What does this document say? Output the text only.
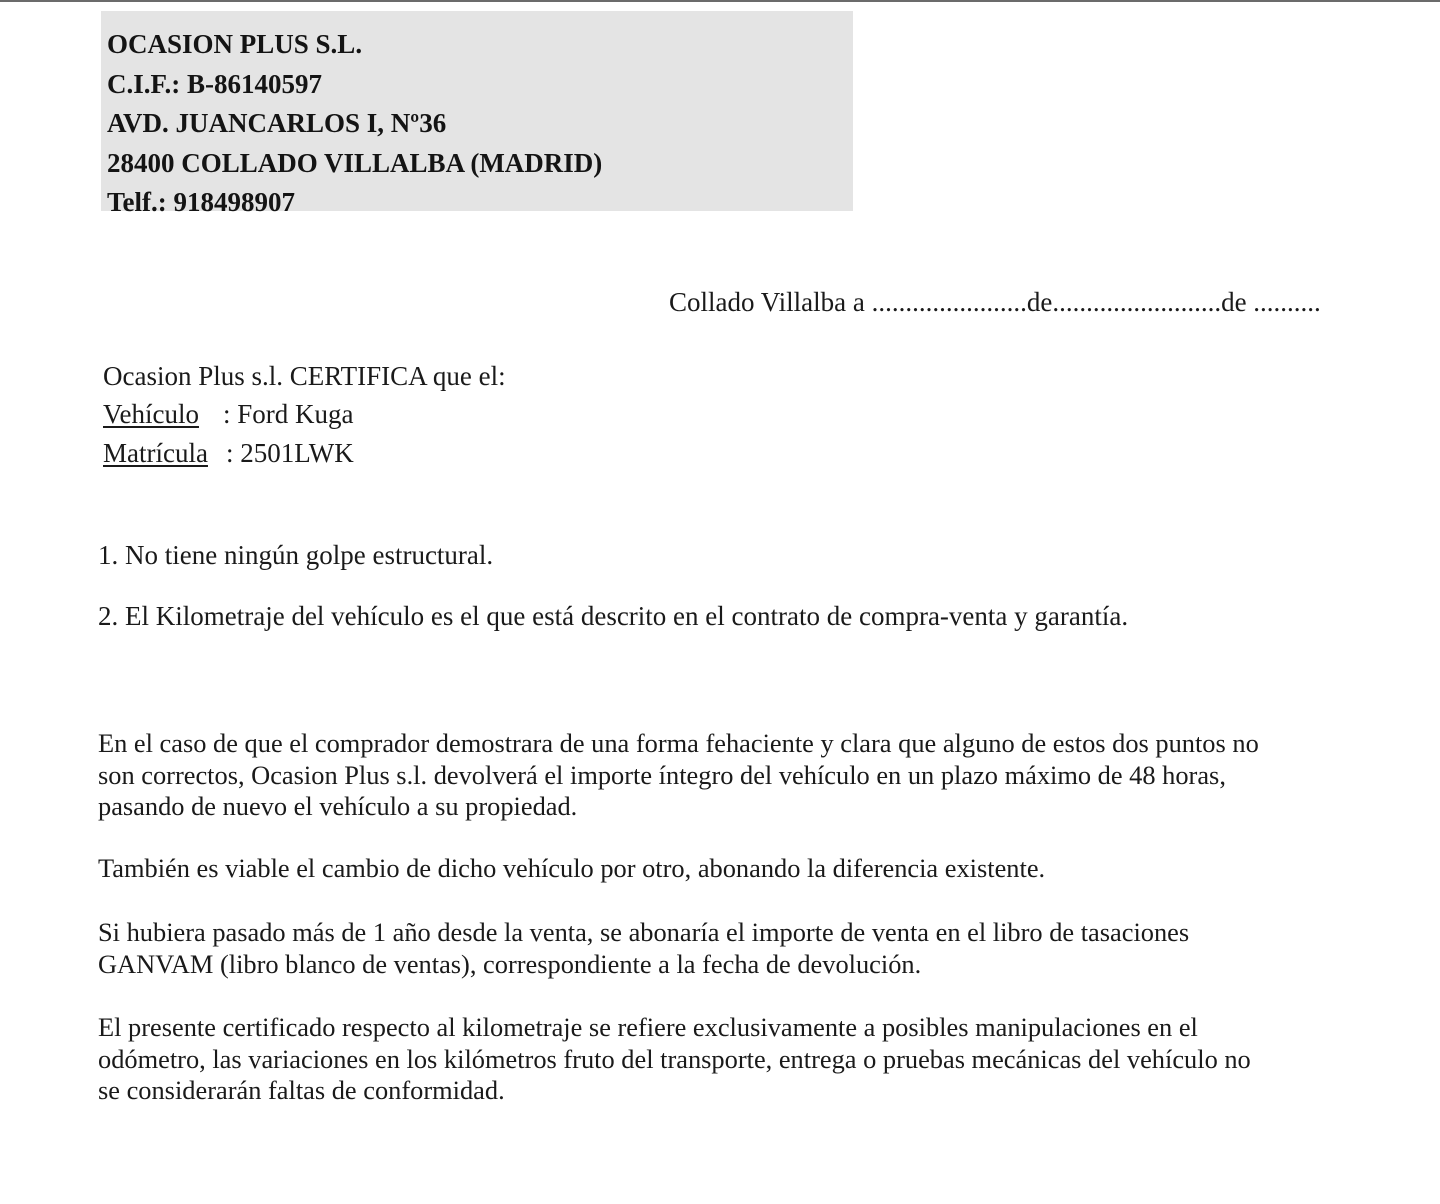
OCASION PLUS S.L.
C.I.F.: B-86140597
AVD. JUANCARLOS I, Nº36
28400 COLLADO VILLALBA (MADRID)
Telf.: 918498907
Collado Villalba a .......................de.........................de ..........
Ocasion Plus s.l. CERTIFICA que el:
Vehículo : Ford Kuga
Matrícula : 2501LWK
1. No tiene ningún golpe estructural.
2. El Kilometraje del vehículo es el que está descrito en el contrato de compra-venta y garantía.
En el caso de que el comprador demostrara de una forma fehaciente y clara que alguno de estos dos puntos no
son correctos, Ocasion Plus s.l. devolverá el importe íntegro del vehículo en un plazo máximo de 48 horas,
pasando de nuevo el vehículo a su propiedad.
También es viable el cambio de dicho vehículo por otro, abonando la diferencia existente.
Si hubiera pasado más de 1 año desde la venta, se abonaría el importe de venta en el libro de tasaciones
GANVAM (libro blanco de ventas), correspondiente a la fecha de devolución.
El presente certificado respecto al kilometraje se refiere exclusivamente a posibles manipulaciones en el
odómetro, las variaciones en los kilómetros fruto del transporte, entrega o pruebas mecánicas del vehículo no
se considerarán faltas de conformidad.
